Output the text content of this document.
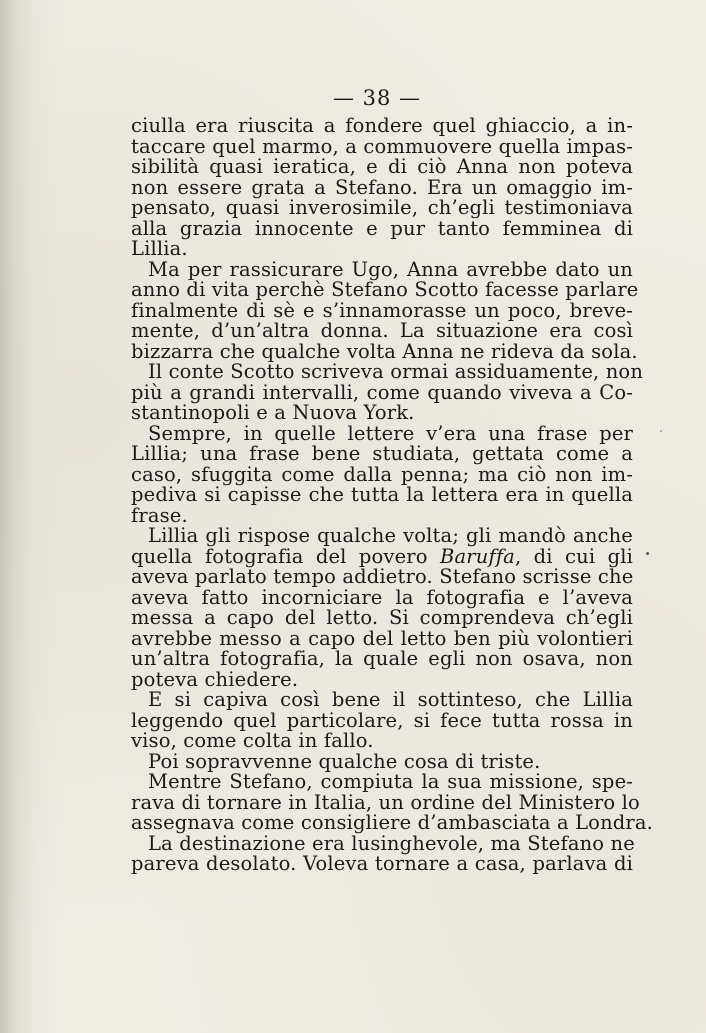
— 38 —
ciulla era riuscita a fondere quel ghiaccio, a in-
taccare quel marmo, a commuovere quella impas-
sibilità quasi ieratica, e di ciò Anna non poteva
non essere grata a Stefano. Era un omaggio im-
pensato, quasi inverosimile, ch’egli testimoniava
alla grazia innocente e pur tanto femminea di
Lillia.
Ma per rassicurare Ugo, Anna avrebbe dato un
anno di vita perchè Stefano Scotto facesse parlare
finalmente di sè e s’innamorasse un poco, breve-
mente, d’un’altra donna. La situazione era così
bizzarra che qualche volta Anna ne rideva da sola.
Il conte Scotto scriveva ormai assiduamente, non
più a grandi intervalli, come quando viveva a Co-
stantinopoli e a Nuova York.
Sempre, in quelle lettere v’era una frase per
Lillia; una frase bene studiata, gettata come a
caso, sfuggita come dalla penna; ma ciò non im-
pediva si capisse che tutta la lettera era in quella
frase.
Lillia gli rispose qualche volta; gli mandò anche
quella fotografia del povero Baruffa, di cui gli
aveva parlato tempo addietro. Stefano scrisse che
aveva fatto incorniciare la fotografia e l’aveva
messa a capo del letto. Si comprendeva ch’egli
avrebbe messo a capo del letto ben più volontieri
un’altra fotografia, la quale egli non osava, non
poteva chiedere.
E si capiva così bene il sottinteso, che Lillia
leggendo quel particolare, si fece tutta rossa in
viso, come colta in fallo.
Poi sopravvenne qualche cosa di triste.
Mentre Stefano, compiuta la sua missione, spe-
rava di tornare in Italia, un ordine del Ministero lo
assegnava come consigliere d’ambasciata a Londra.
La destinazione era lusinghevole, ma Stefano ne
pareva desolato. Voleva tornare a casa, parlava di
